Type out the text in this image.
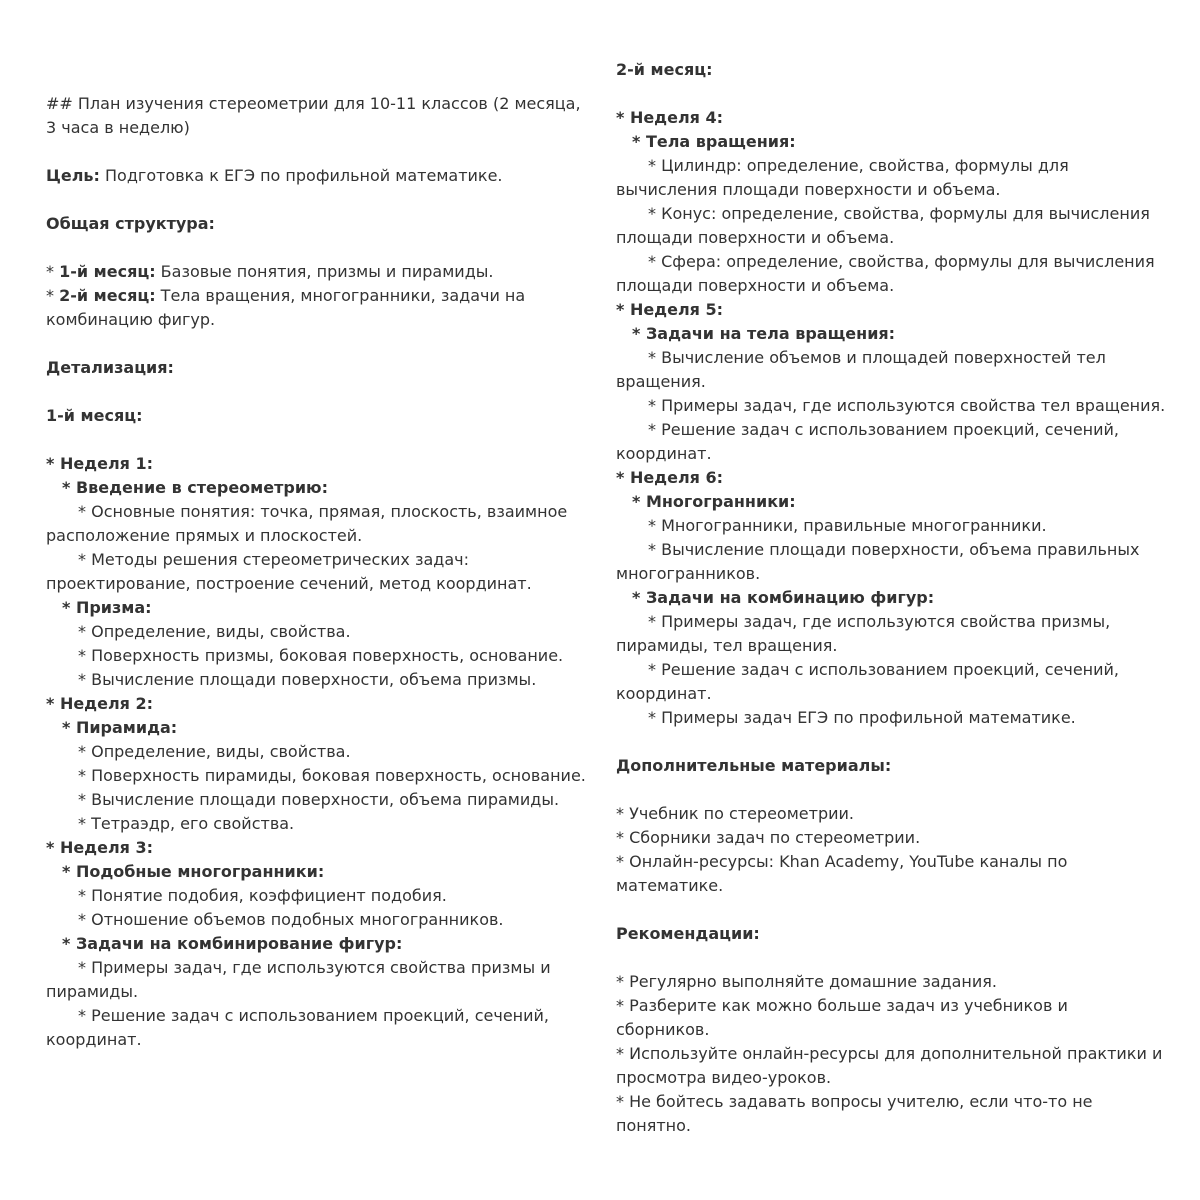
## План изучения стереометрии для 10-11 классов (2 месяца, 3 часа в неделю)

Цель: Подготовка к ЕГЭ по профильной математике.

Общая структура:

* 1-й месяц: Базовые понятия, призмы и пирамиды.

* 2-й месяц: Тела вращения, многогранники, задачи на комбинацию фигур.

Детализация:

1-й месяц:

* Неделя 1:

* Введение в стереометрию:

* Основные понятия: точка, прямая, плоскость, взаимное расположение прямых и плоскостей.

* Методы решения стереометрических задач: проектирование, построение сечений, метод координат.

* Призма:

* Определение, виды, свойства.

* Поверхность призмы, боковая поверхность, основание.

* Вычисление площади поверхности, объема призмы.

* Неделя 2:

* Пирамида:

* Определение, виды, свойства.

* Поверхность пирамиды, боковая поверхность, основание.

* Вычисление площади поверхности, объема пирамиды.

* Тетраэдр, его свойства.

* Неделя 3:

* Подобные многогранники:

* Понятие подобия, коэффициент подобия.

* Отношение объемов подобных многогранников.

* Задачи на комбинирование фигур:

* Примеры задач, где используются свойства призмы и пирамиды.

* Решение задач с использованием проекций, сечений, координат.

2-й месяц:

* Неделя 4:

* Тела вращения:

* Цилиндр: определение, свойства, формулы для вычисления площади поверхности и объема.

* Конус: определение, свойства, формулы для вычисления площади поверхности и объема.

* Сфера: определение, свойства, формулы для вычисления площади поверхности и объема.

* Неделя 5:

* Задачи на тела вращения:

* Вычисление объемов и площадей поверхностей тел вращения.

* Примеры задач, где используются свойства тел вращения.

* Решение задач с использованием проекций, сечений, координат.

* Неделя 6:

* Многогранники:

* Многогранники, правильные многогранники.

* Вычисление площади поверхности, объема правильных многогранников.

* Задачи на комбинацию фигур:

* Примеры задач, где используются свойства призмы, пирамиды, тел вращения.

* Решение задач с использованием проекций, сечений, координат.

* Примеры задач ЕГЭ по профильной математике.

Дополнительные материалы:

* Учебник по стереометрии.

* Сборники задач по стереометрии.

* Онлайн-ресурсы: Khan Academy, YouTube каналы по математике.

Рекомендации:

* Регулярно выполняйте домашние задания.

* Разберите как можно больше задач из учебников и сборников.

* Используйте онлайн-ресурсы для дополнительной практики и просмотра видео-уроков.

* Не бойтесь задавать вопросы учителю, если что-то не понятно.
